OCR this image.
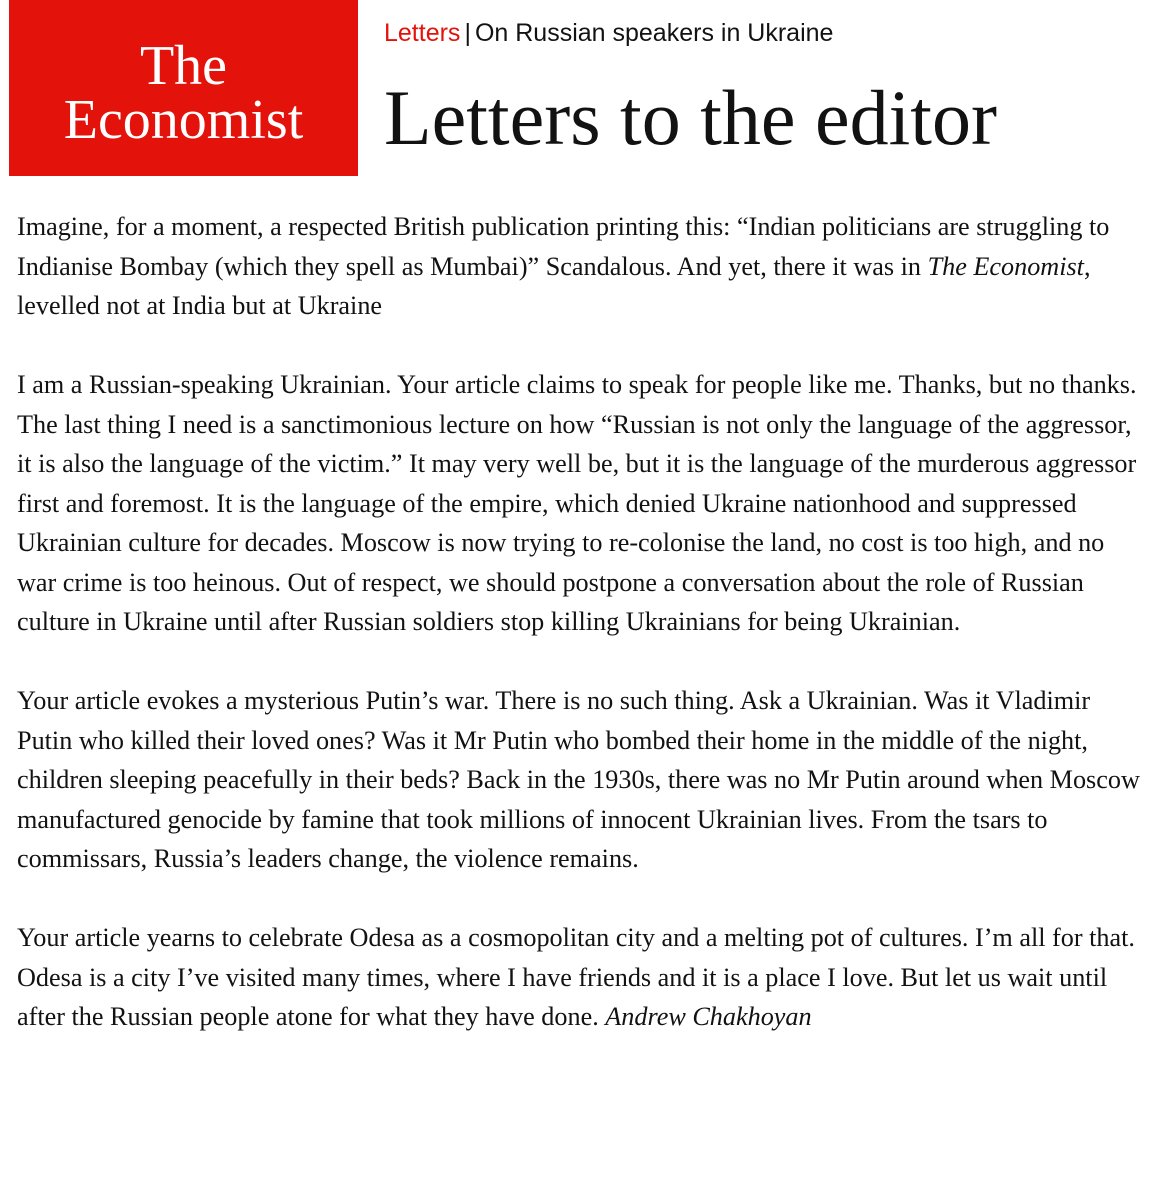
The
Economist
Letters | On Russian speakers in Ukraine
Letters to the editor

Imagine, for a moment, a respected British publication printing this: “Indian politicians are struggling to Indianise Bombay (which they spell as Mumbai)” Scandalous. And yet, there it was in The Economist, levelled not at India but at Ukraine

I am a Russian-speaking Ukrainian. Your article claims to speak for people like me. Thanks, but no thanks. The last thing I need is a sanctimonious lecture on how “Russian is not only the language of the aggressor, it is also the language of the victim.” It may very well be, but it is the language of the murderous aggressor first and foremost. It is the language of the empire, which denied Ukraine nationhood and suppressed Ukrainian culture for decades. Moscow is now trying to re-colonise the land, no cost is too high, and no war crime is too heinous. Out of respect, we should postpone a conversation about the role of Russian culture in Ukraine until after Russian soldiers stop killing Ukrainians for being Ukrainian.

Your article evokes a mysterious Putin’s war. There is no such thing. Ask a Ukrainian. Was it Vladimir Putin who killed their loved ones? Was it Mr Putin who bombed their home in the middle of the night, children sleeping peacefully in their beds? Back in the 1930s, there was no Mr Putin around when Moscow manufactured genocide by famine that took millions of innocent Ukrainian lives. From the tsars to commissars, Russia’s leaders change, the violence remains.

Your article yearns to celebrate Odesa as a cosmopolitan city and a melting pot of cultures. I’m all for that. Odesa is a city I’ve visited many times, where I have friends and it is a place I love. But let us wait until after the Russian people atone for what they have done. Andrew Chakhoyan
